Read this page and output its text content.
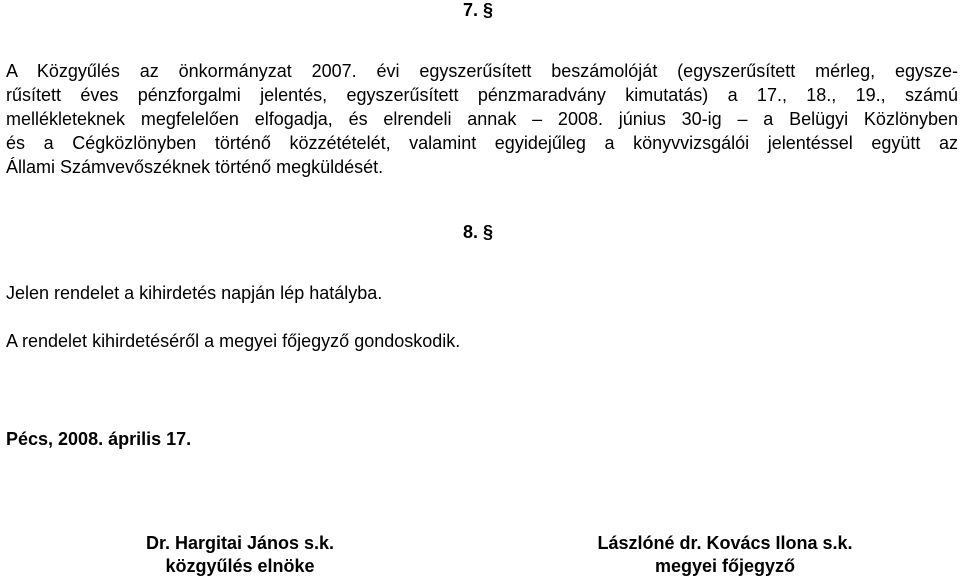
7. §
A Közgyűlés az önkormányzat 2007. évi egyszerűsített beszámolóját (egyszerűsített mérleg, egysze-
rűsített éves pénzforgalmi jelentés, egyszerűsített pénzmaradvány kimutatás) a 17., 18., 19., számú
mellékleteknek megfelelően elfogadja, és elrendeli annak – 2008. június 30-ig – a Belügyi Közlönyben
és a Cégközlönyben történő közzétételét, valamint egyidejűleg a könyvvizsgálói jelentéssel együtt az
Állami Számvevőszéknek történő megküldését.
8. §
Jelen rendelet a kihirdetés napján lép hatályba.
A rendelet kihirdetéséről a megyei főjegyző gondoskodik.
Pécs, 2008. április 17.
Dr. Hargitai János s.k.
közgyűlés elnöke
Lászlóné dr. Kovács Ilona s.k.
megyei főjegyző
